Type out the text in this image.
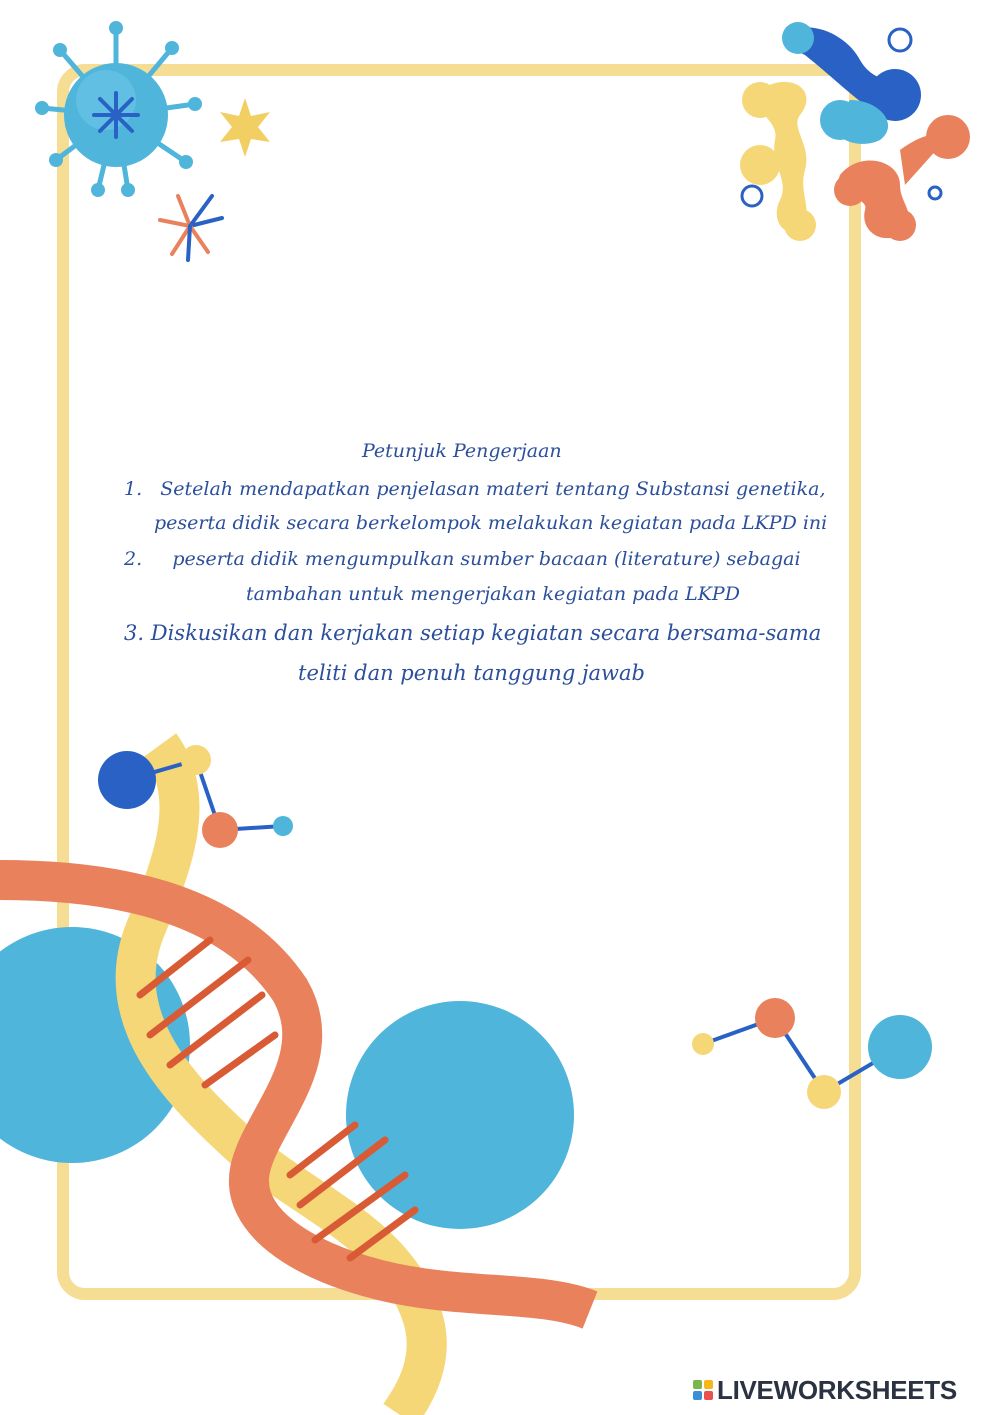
Petunjuk Pengerjaan
1. Setelah mendapatkan penjelasan materi tentang Substansi genetika,
peserta didik secara berkelompok melakukan kegiatan pada LKPD ini
2. peserta didik mengumpulkan sumber bacaan (literature) sebagai
tambahan untuk mengerjakan kegiatan pada LKPD
3. Diskusikan dan kerjakan setiap kegiatan secara bersama-sama
teliti dan penuh tanggung jawab
LIVEWORKSHEETS
